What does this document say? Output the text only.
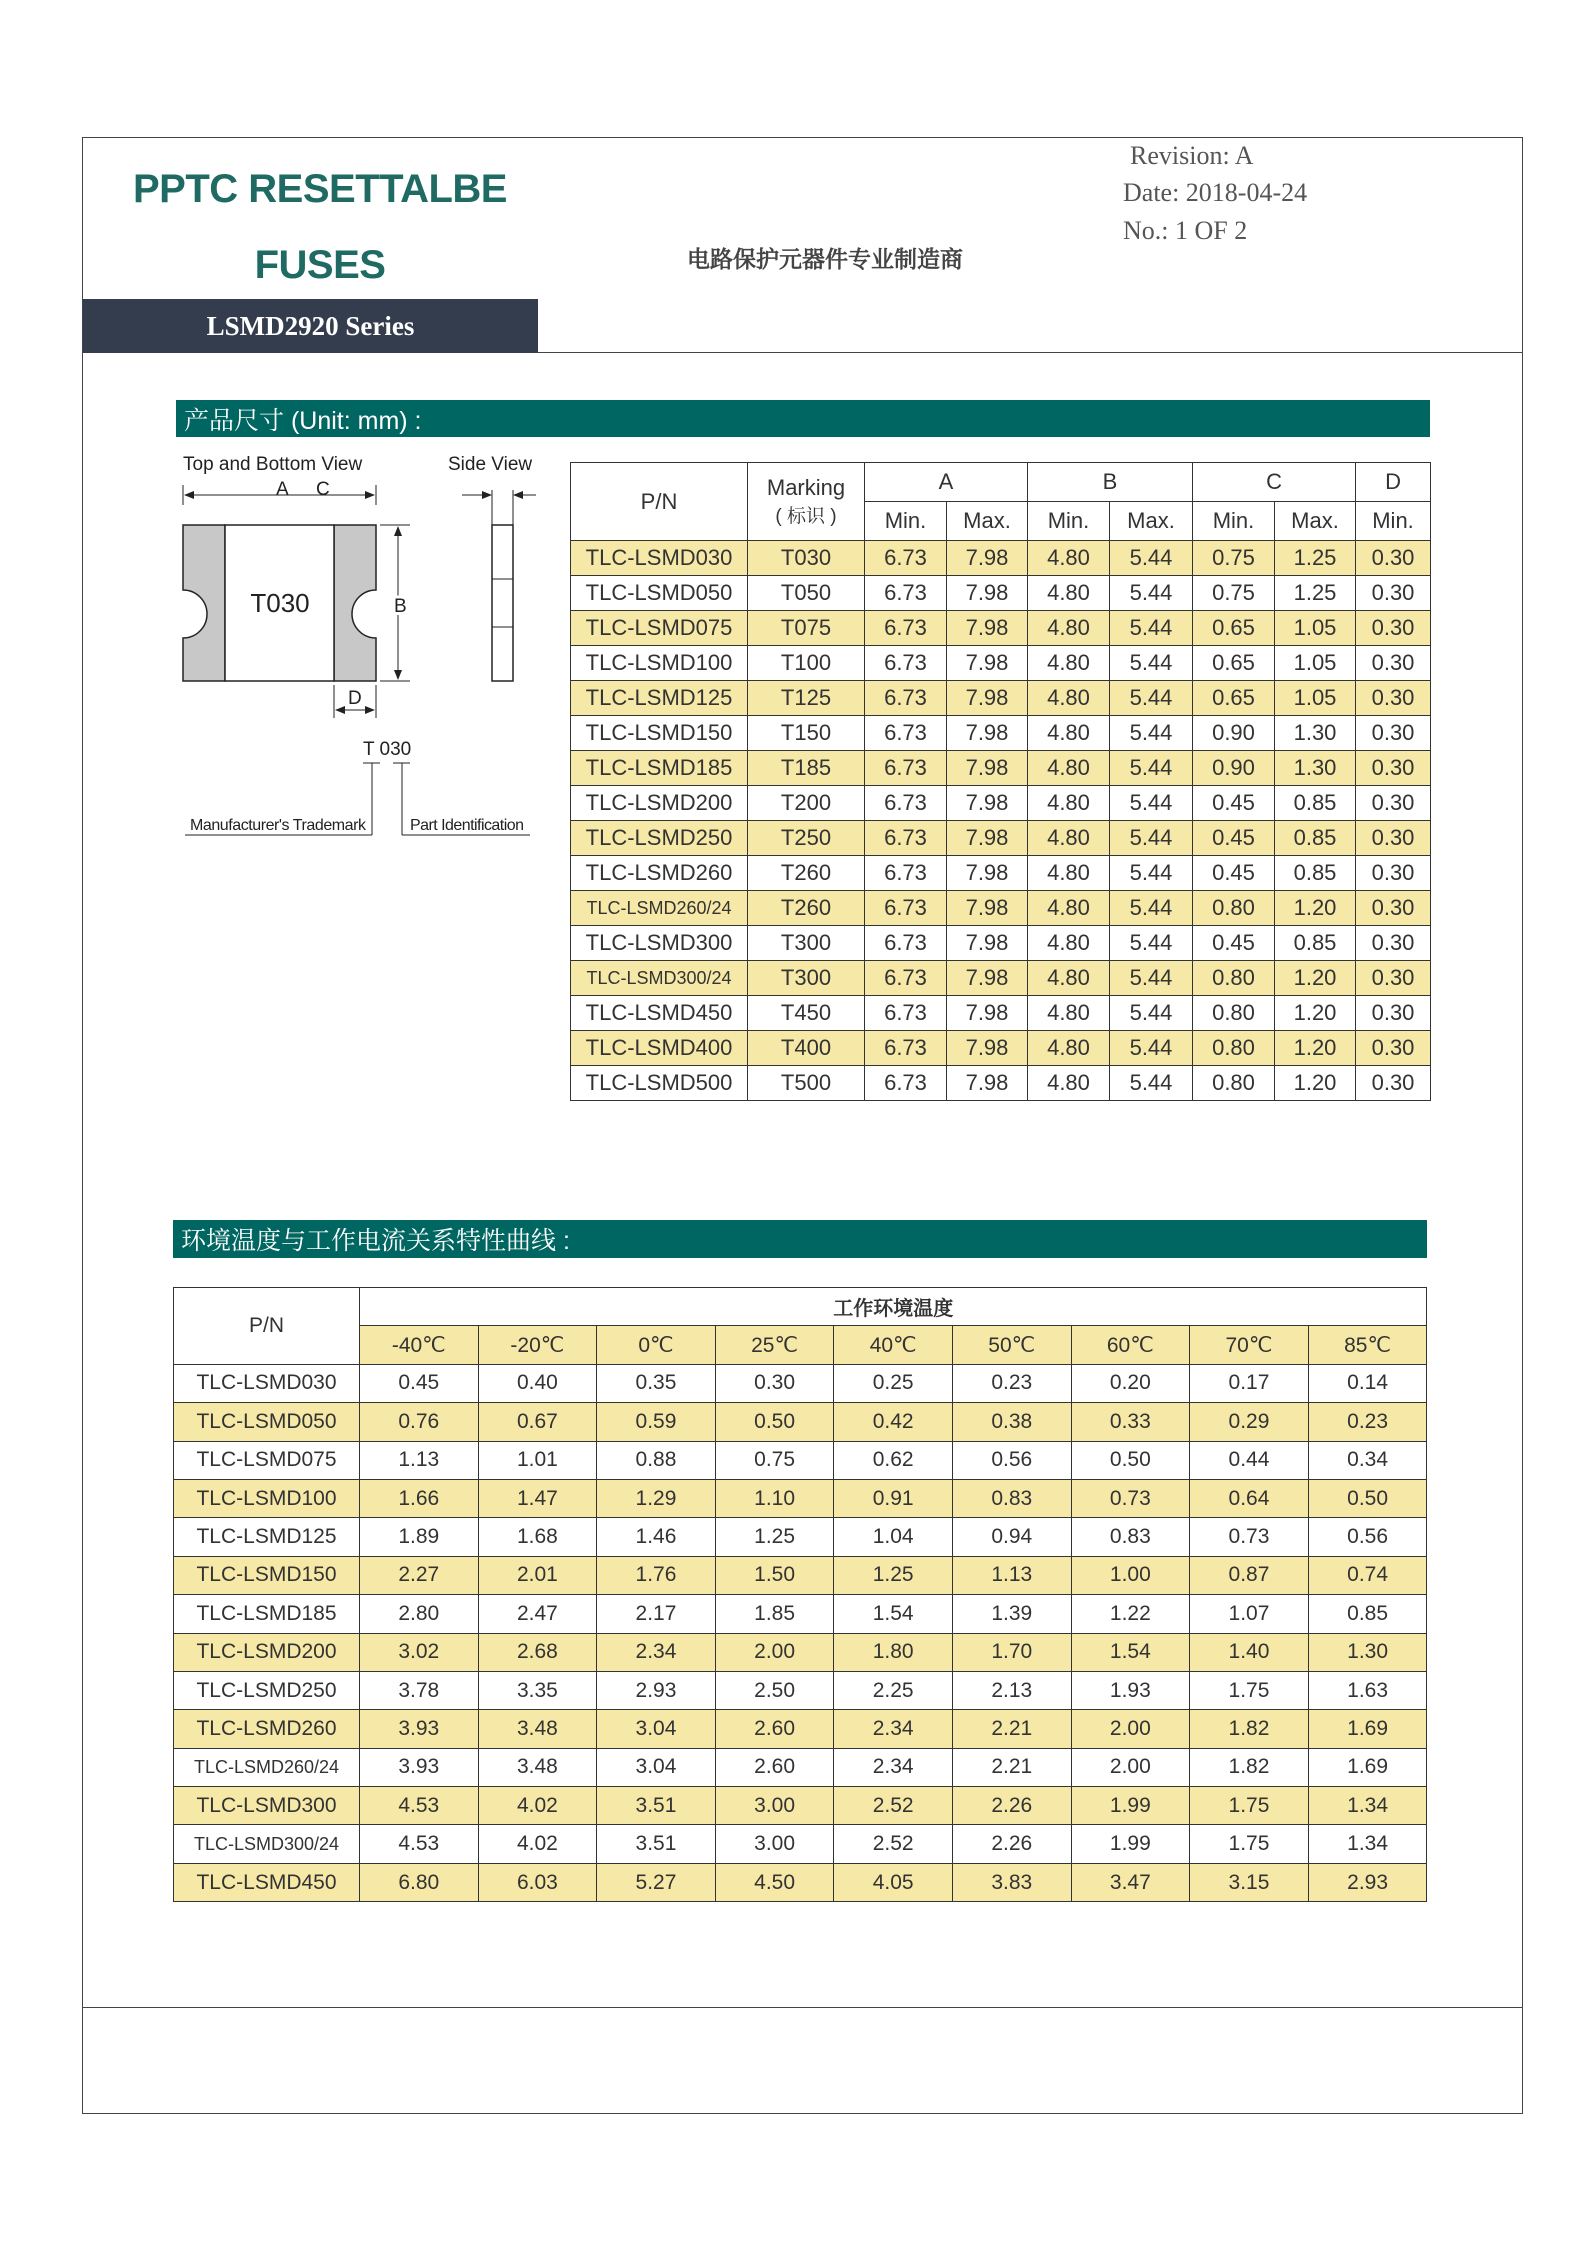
PPTC RESETTALBE
FUSES
LSMD2920 Series
电路保护元器件专业制造商
Revision: A
Date: 2018-04-24
No.: 1 OF 2
产品尺寸 (Unit: mm) :
Top and Bottom View	Side View
A
T030	B
D
C
T 030
Manufacturer's Trademark	Part Identification
P/N	Marking
( 标识 )	A		B		C		D
		Min.	Max.	Min.	Max.	Min.	Max.	Min.
TLC-LSMD030	T030	6.73	7.98	4.80	5.44	0.75	1.25	0.30
TLC-LSMD050	T050	6.73	7.98	4.80	5.44	0.75	1.25	0.30
TLC-LSMD075	T075	6.73	7.98	4.80	5.44	0.65	1.05	0.30
TLC-LSMD100	T100	6.73	7.98	4.80	5.44	0.65	1.05	0.30
TLC-LSMD125	T125	6.73	7.98	4.80	5.44	0.65	1.05	0.30
TLC-LSMD150	T150	6.73	7.98	4.80	5.44	0.90	1.30	0.30
TLC-LSMD185	T185	6.73	7.98	4.80	5.44	0.90	1.30	0.30
TLC-LSMD200	T200	6.73	7.98	4.80	5.44	0.45	0.85	0.30
TLC-LSMD250	T250	6.73	7.98	4.80	5.44	0.45	0.85	0.30
TLC-LSMD260	T260	6.73	7.98	4.80	5.44	0.45	0.85	0.30
TLC-LSMD260/24	T260	6.73	7.98	4.80	5.44	0.80	1.20	0.30
TLC-LSMD300	T300	6.73	7.98	4.80	5.44	0.45	0.85	0.30
TLC-LSMD300/24	T300	6.73	7.98	4.80	5.44	0.80	1.20	0.30
TLC-LSMD450	T450	6.73	7.98	4.80	5.44	0.80	1.20	0.30
TLC-LSMD400	T400	6.73	7.98	4.80	5.44	0.80	1.20	0.30
TLC-LSMD500	T500	6.73	7.98	4.80	5.44	0.80	1.20	0.30
环境温度与工作电流关系特性曲线 :
P/N	工作环境温度								
	-40℃	-20℃	0℃	25℃	40℃	50℃	60℃	70℃	85℃
TLC-LSMD030	0.45	0.40	0.35	0.30	0.25	0.23	0.20	0.17	0.14
TLC-LSMD050	0.76	0.67	0.59	0.50	0.42	0.38	0.33	0.29	0.23
TLC-LSMD075	1.13	1.01	0.88	0.75	0.62	0.56	0.50	0.44	0.34
TLC-LSMD100	1.66	1.47	1.29	1.10	0.91	0.83	0.73	0.64	0.50
TLC-LSMD125	1.89	1.68	1.46	1.25	1.04	0.94	0.83	0.73	0.56
TLC-LSMD150	2.27	2.01	1.76	1.50	1.25	1.13	1.00	0.87	0.74
TLC-LSMD185	2.80	2.47	2.17	1.85	1.54	1.39	1.22	1.07	0.85
TLC-LSMD200	3.02	2.68	2.34	2.00	1.80	1.70	1.54	1.40	1.30
TLC-LSMD250	3.78	3.35	2.93	2.50	2.25	2.13	1.93	1.75	1.63
TLC-LSMD260	3.93	3.48	3.04	2.60	2.34	2.21	2.00	1.82	1.69
TLC-LSMD260/24	3.93	3.48	3.04	2.60	2.34	2.21	2.00	1.82	1.69
TLC-LSMD300	4.53	4.02	3.51	3.00	2.52	2.26	1.99	1.75	1.34
TLC-LSMD300/24	4.53	4.02	3.51	3.00	2.52	2.26	1.99	1.75	1.34
TLC-LSMD450	6.80	6.03	5.27	4.50	4.05	3.83	3.47	3.15	2.93
